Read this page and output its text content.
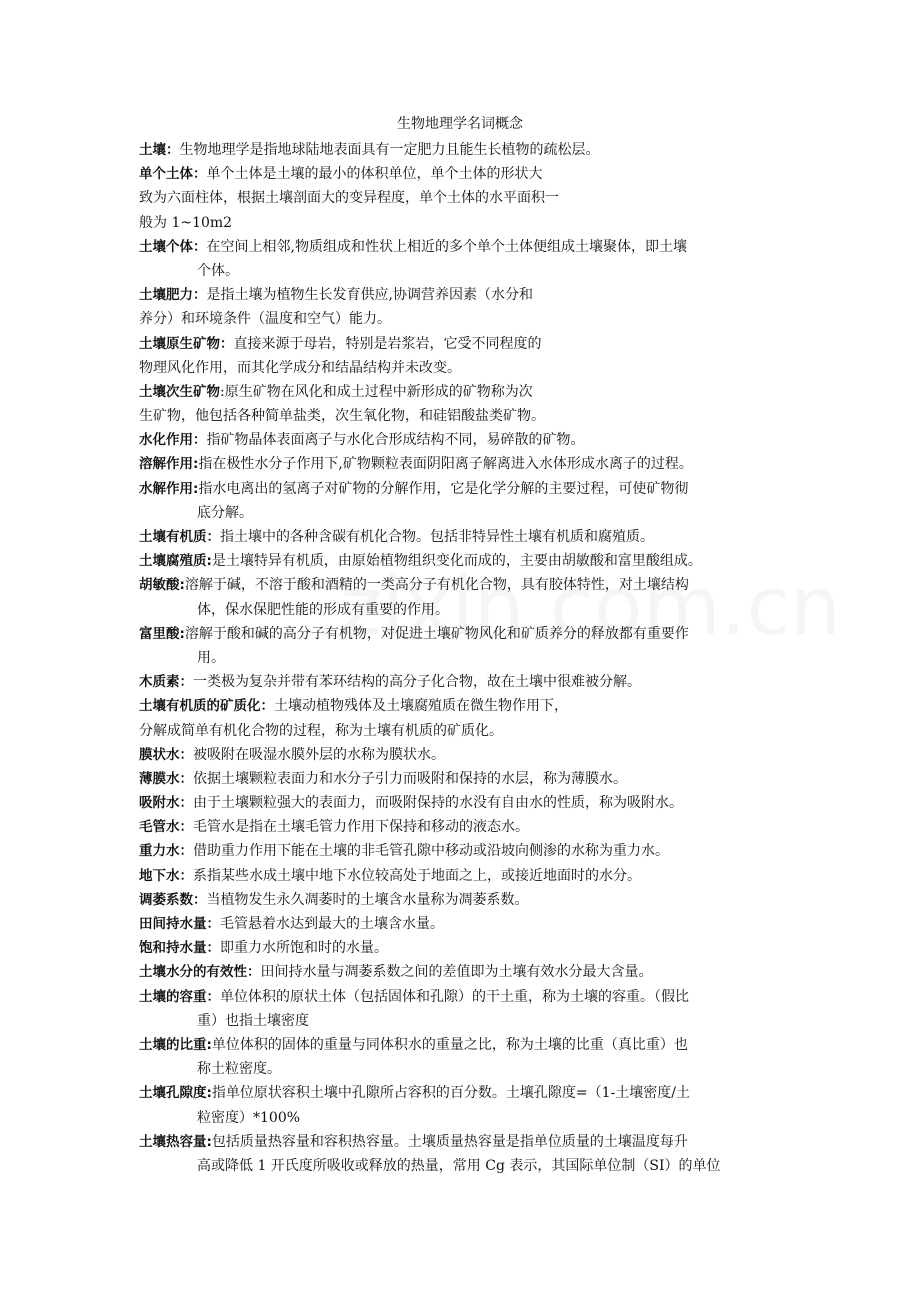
生物地理学名词概念
土壤：生物地理学是指地球陆地表面具有一定肥力且能生长植物的疏松层。
单个土体：单个土体是土壤的最小的体积单位，单个土体的形状大
致为六面柱体，根据土壤剖面大的变异程度，单个土体的水平面积一
般为 1~10m2
土壤个体：在空间上相邻,物质组成和性状上相近的多个单个土体便组成土壤聚体，即土壤
个体。
土壤肥力：是指土壤为植物生长发育供应,协调营养因素（水分和
养分）和环境条件（温度和空气）能力。
土壤原生矿物：直接来源于母岩，特别是岩浆岩，它受不同程度的
物理风化作用，而其化学成分和结晶结构并未改变。
土壤次生矿物:原生矿物在风化和成土过程中新形成的矿物称为次
生矿物，他包括各种简单盐类，次生氧化物，和硅铝酸盐类矿物。
水化作用：指矿物晶体表面离子与水化合形成结构不同，易碎散的矿物。
溶解作用:指在极性水分子作用下,矿物颗粒表面阴阳离子解离进入水体形成水离子的过程。
水解作用:指水电离出的氢离子对矿物的分解作用，它是化学分解的主要过程，可使矿物彻
底分解。
土壤有机质：指土壤中的各种含碳有机化合物。包括非特异性土壤有机质和腐殖质。
土壤腐殖质:是土壤特异有机质，由原始植物组织变化而成的，主要由胡敏酸和富里酸组成。
胡敏酸:溶解于碱，不溶于酸和酒精的一类高分子有机化合物，具有胶体特性，对土壤结构
体，保水保肥性能的形成有重要的作用。
富里酸:溶解于酸和碱的高分子有机物，对促进土壤矿物风化和矿质养分的释放都有重要作
用。
木质素：一类极为复杂并带有苯环结构的高分子化合物，故在土壤中很难被分解。
土壤有机质的矿质化：土壤动植物残体及土壤腐殖质在微生物作用下，
分解成简单有机化合物的过程，称为土壤有机质的矿质化。
膜状水：被吸附在吸湿水膜外层的水称为膜状水。
薄膜水：依据土壤颗粒表面力和水分子引力而吸附和保持的水层，称为薄膜水。
吸附水：由于土壤颗粒强大的表面力，而吸附保持的水没有自由水的性质，称为吸附水。
毛管水：毛管水是指在土壤毛管力作用下保持和移动的液态水。
重力水：借助重力作用下能在土壤的非毛管孔隙中移动或沿坡向侧渗的水称为重力水。
地下水：系指某些水成土壤中地下水位较高处于地面之上，或接近地面时的水分。
调萎系数：当植物发生永久凋萎时的土壤含水量称为凋萎系数。
田间持水量：毛管悬着水达到最大的土壤含水量。
饱和持水量：即重力水所饱和时的水量。
土壤水分的有效性：田间持水量与凋萎系数之间的差值即为土壤有效水分最大含量。
土壤的容重：单位体积的原状土体（包括固体和孔隙）的干土重，称为土壤的容重。（假比
重）也指土壤密度
土壤的比重:单位体积的固体的重量与同体积水的重量之比，称为土壤的比重（真比重）也
称土粒密度。
土壤孔隙度:指单位原状容积土壤中孔隙所占容积的百分数。土壤孔隙度=（1-土壤密度/土
粒密度）*100%
土壤热容量:包括质量热容量和容积热容量。土壤质量热容量是指单位质量的土壤温度每升
高或降低 1 开氏度所吸收或释放的热量，常用 Cg 表示，其国际单位制（SI）的单位
